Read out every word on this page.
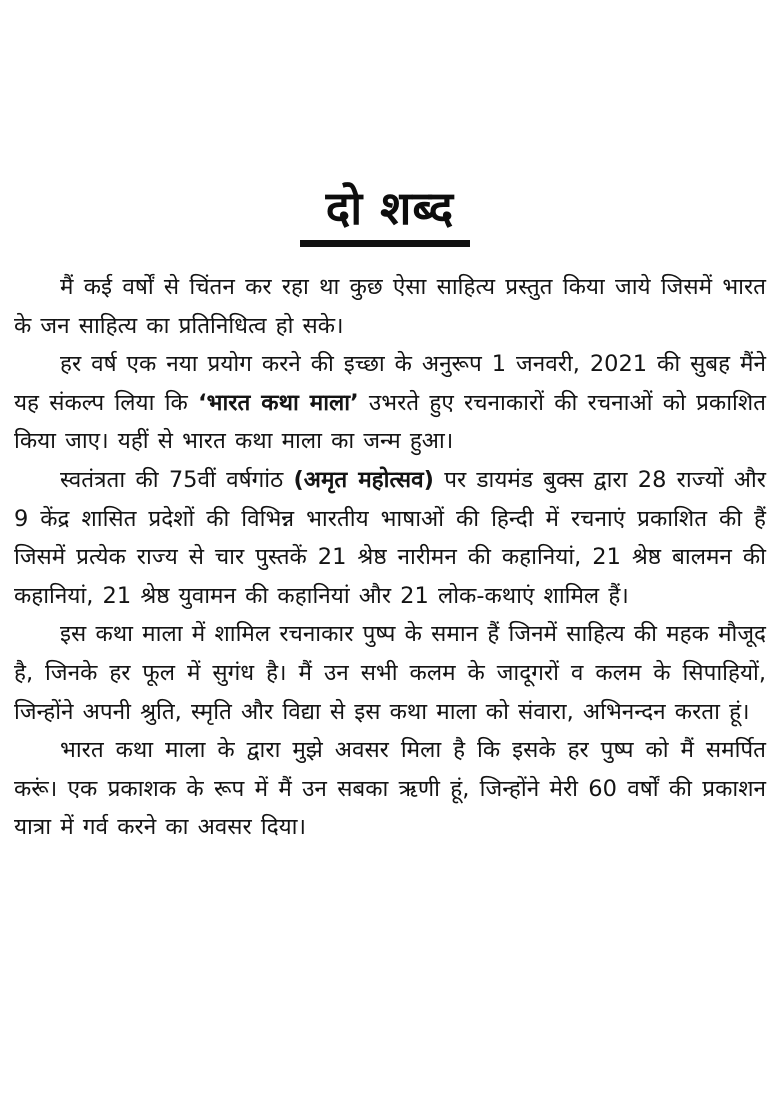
दो शब्द

मैं कई वर्षों से चिंतन कर रहा था कुछ ऐसा साहित्य प्रस्तुत किया जाये जिसमें भारत के जन साहित्य का प्रतिनिधित्व हो सके।

हर वर्ष एक नया प्रयोग करने की इच्छा के अनुरूप 1 जनवरी, 2021 की सुबह मैंने यह संकल्प लिया कि ‘भारत कथा माला’ उभरते हुए रचनाकारों की रचनाओं को प्रकाशित किया जाए। यहीं से भारत कथा माला का जन्म हुआ।

स्वतंत्रता की 75वीं वर्षगांठ (अमृत महोत्सव) पर डायमंड बुक्स द्वारा 28 राज्यों और 9 केंद्र शासित प्रदेशों की विभिन्न भारतीय भाषाओं की हिन्दी में रचनाएं प्रकाशित की हैं जिसमें प्रत्येक राज्य से चार पुस्तकें 21 श्रेष्ठ नारीमन की कहानियां, 21 श्रेष्ठ बालमन की कहानियां, 21 श्रेष्ठ युवामन की कहानियां और 21 लोक-कथाएं शामिल हैं।

इस कथा माला में शामिल रचनाकार पुष्प के समान हैं जिनमें साहित्य की महक मौजूद है, जिनके हर फूल में सुगंध है। मैं उन सभी कलम के जादूगरों व कलम के सिपाहियों, जिन्होंने अपनी श्रुति, स्मृति और विद्या से इस कथा माला को संवारा, अभिनन्दन करता हूं।

भारत कथा माला के द्वारा मुझे अवसर मिला है कि इसके हर पुष्प को मैं समर्पित करूं। एक प्रकाशक के रूप में मैं उन सबका ऋणी हूं, जिन्होंने मेरी 60 वर्षों की प्रकाशन यात्रा में गर्व करने का अवसर दिया।
